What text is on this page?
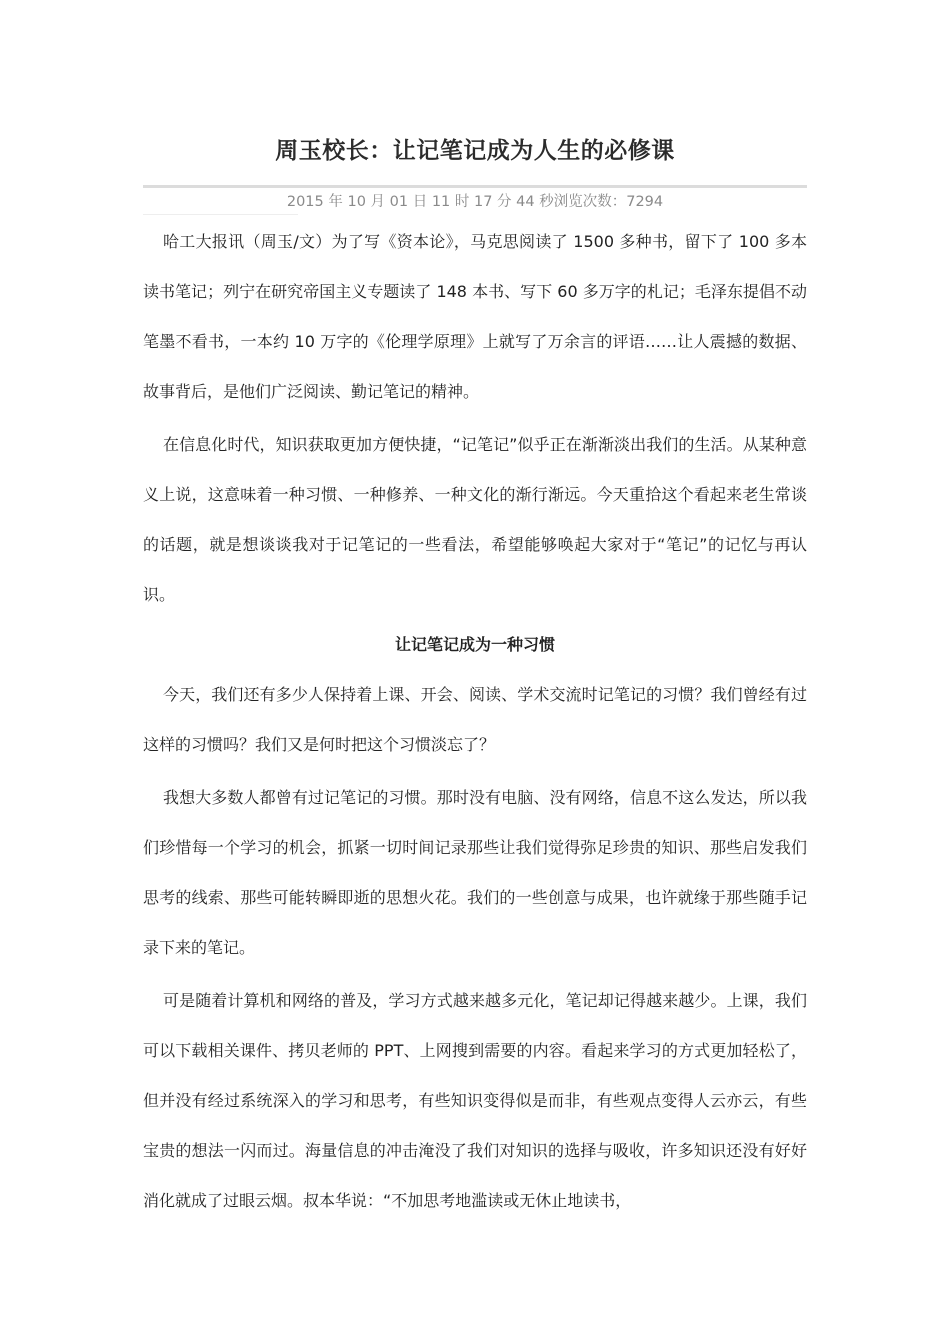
周玉校长：让记笔记成为人生的必修课
2015 年 10 月 01 日 11 时 17 分 44 秒浏览次数：7294

哈工大报讯（周玉/文）为了写《资本论》，马克思阅读了 1500 多种书，留下了 100 多本读书笔记；列宁在研究帝国主义专题读了 148 本书、写下 60 多万字的札记；毛泽东提倡不动笔墨不看书，一本约 10 万字的《伦理学原理》上就写了万余言的评语……让人震撼的数据、故事背后，是他们广泛阅读、勤记笔记的精神。

在信息化时代，知识获取更加方便快捷，“记笔记”似乎正在渐渐淡出我们的生活。从某种意义上说，这意味着一种习惯、一种修养、一种文化的渐行渐远。今天重拾这个看起来老生常谈的话题，就是想谈谈我对于记笔记的一些看法，希望能够唤起大家对于“笔记”的记忆与再认识。

让记笔记成为一种习惯

今天，我们还有多少人保持着上课、开会、阅读、学术交流时记笔记的习惯？我们曾经有过这样的习惯吗？我们又是何时把这个习惯淡忘了？

我想大多数人都曾有过记笔记的习惯。那时没有电脑、没有网络，信息不这么发达，所以我们珍惜每一个学习的机会，抓紧一切时间记录那些让我们觉得弥足珍贵的知识、那些启发我们思考的线索、那些可能转瞬即逝的思想火花。我们的一些创意与成果，也许就缘于那些随手记录下来的笔记。

可是随着计算机和网络的普及，学习方式越来越多元化，笔记却记得越来越少。上课，我们可以下载相关课件、拷贝老师的 PPT、上网搜到需要的内容。看起来学习的方式更加轻松了，但并没有经过系统深入的学习和思考，有些知识变得似是而非，有些观点变得人云亦云，有些宝贵的想法一闪而过。海量信息的冲击淹没了我们对知识的选择与吸收，许多知识还没有好好消化就成了过眼云烟。叔本华说：“不加思考地滥读或无休止地读书，
